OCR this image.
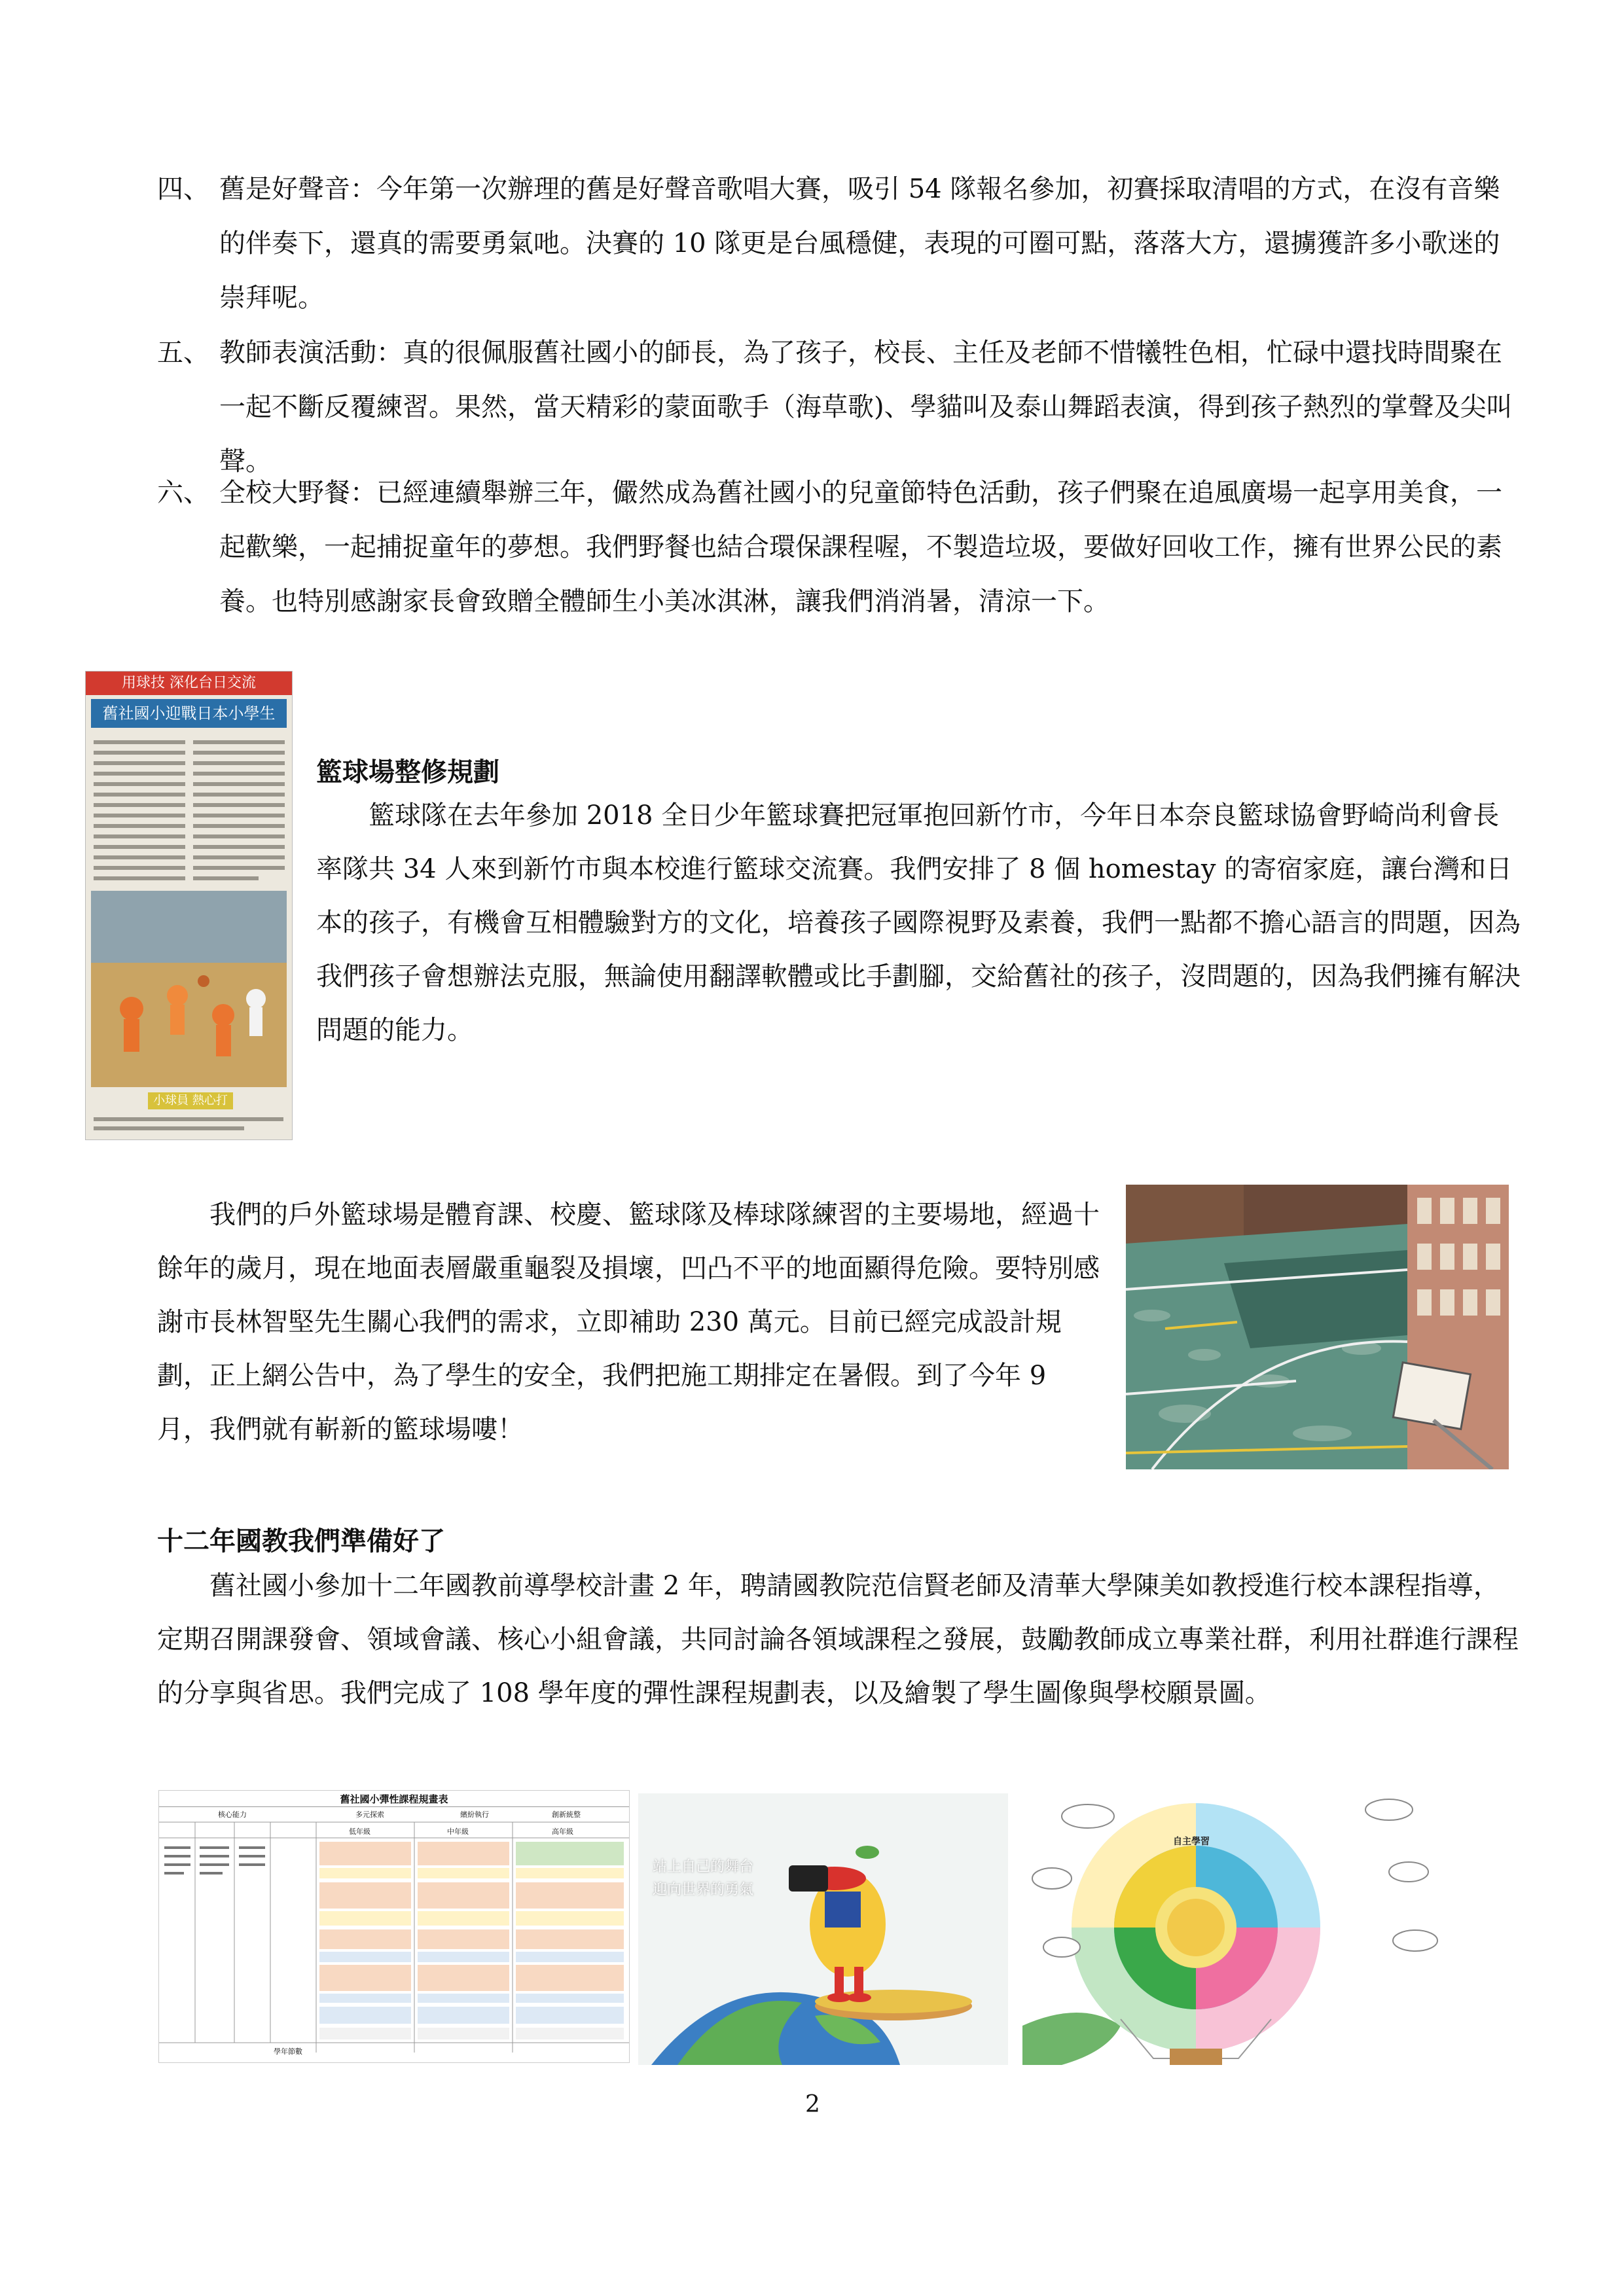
四、 舊是好聲音：今年第一次辦理的舊是好聲音歌唱大賽，吸引 54 隊報名參加，初賽採取清唱的方式，在沒有音樂的伴奏下，還真的需要勇氣吔。決賽的 10 隊更是台風穩健，表現的可圈可點，落落大方，還擄獲許多小歌迷的崇拜呢。

五、 教師表演活動：真的很佩服舊社國小的師長，為了孩子，校長、主任及老師不惜犧牲色相，忙碌中還找時間聚在一起不斷反覆練習。果然，當天精彩的蒙面歌手（海草歌)、學貓叫及泰山舞蹈表演，得到孩子熱烈的掌聲及尖叫聲。

六、 全校大野餐：已經連續舉辦三年，儼然成為舊社國小的兒童節特色活動，孩子們聚在追風廣場一起享用美食，一起歡樂，一起捕捉童年的夢想。我們野餐也結合環保課程喔，不製造垃圾，要做好回收工作，擁有世界公民的素養。也特別感謝家長會致贈全體師生小美冰淇淋，讓我們消消暑，清涼一下。

用球技 深化台日交流
舊社國小迎戰日本小學生
小球員 熱心打
籃球場整修規劃

籃球隊在去年參加 2018 全日少年籃球賽把冠軍抱回新竹市，今年日本奈良籃球協會野崎尚利會長率隊共 34 人來到新竹市與本校進行籃球交流賽。我們安排了 8 個 homestay 的寄宿家庭，讓台灣和日本的孩子，有機會互相體驗對方的文化，培養孩子國際視野及素養，我們一點都不擔心語言的問題，因為我們孩子會想辦法克服，無論使用翻譯軟體或比手劃腳，交給舊社的孩子，沒問題的，因為我們擁有解決問題的能力。

我們的戶外籃球場是體育課、校慶、籃球隊及棒球隊練習的主要場地，經過十餘年的歲月，現在地面表層嚴重龜裂及損壞，凹凸不平的地面顯得危險。要特別感謝市長林智堅先生關心我們的需求，立即補助 230 萬元。目前已經完成設計規劃，正上網公告中，為了學生的安全，我們把施工期排定在暑假。到了今年 9 月，我們就有嶄新的籃球場嘍！

十二年國教我們準備好了

舊社國小參加十二年國教前導學校計畫 2 年，聘請國教院范信賢老師及清華大學陳美如教授進行校本課程指導，定期召開課發會、領域會議、核心小組會議，共同討論各領域課程之發展，鼓勵教師成立專業社群，利用社群進行課程的分享與省思。我們完成了 108 學年度的彈性課程規劃表，以及繪製了學生圖像與學校願景圖。

舊社國小彈性課程規畫表
核心能力	多元探索	繽紛執行	創新統整
低年級	中年級	高年級
學年節數
站上自己的舞台
迎向世界的勇氣
自主學習
2
